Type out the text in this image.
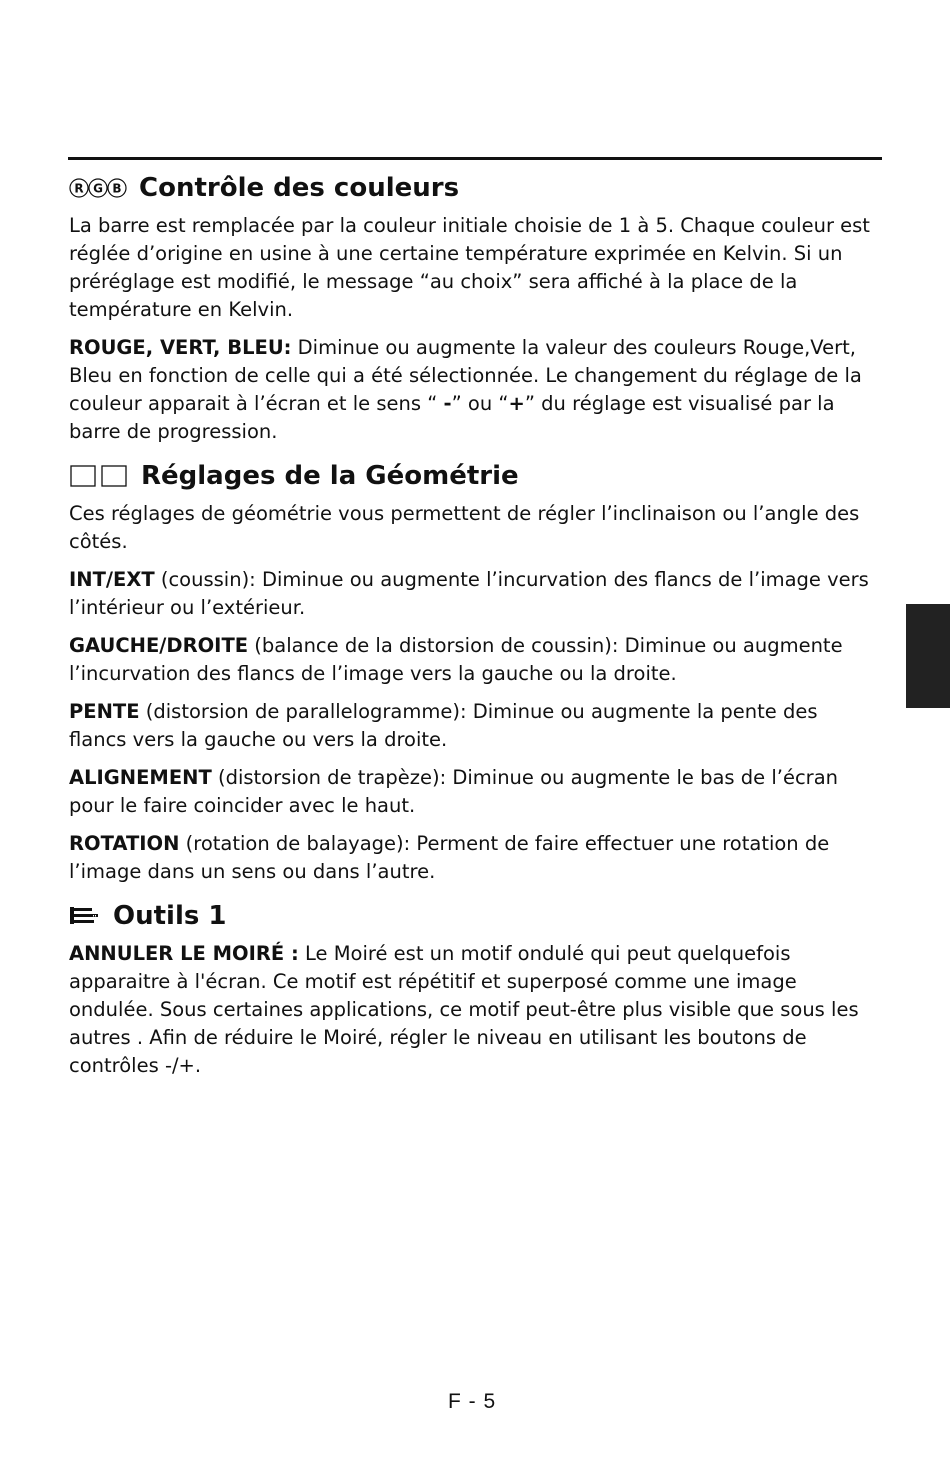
R G B Contrôle des couleurs

La barre est remplacée par la couleur initiale choisie de 1 à 5. Chaque couleur est réglée d’origine en usine à une certaine température exprimée en Kelvin. Si un préréglage est modifié, le message “au choix” sera affiché à la place de la température en Kelvin.

ROUGE, VERT, BLEU: Diminue ou augmente la valeur des couleurs Rouge,Vert, Bleu en fonction de celle qui a été sélectionnée. Le changement du réglage de la couleur apparait à l’écran et le sens “ -” ou “+” du réglage est visualisé par la barre de progression.

Réglages de la Géométrie

Ces réglages de géométrie vous permettent de régler l’inclinaison ou l’angle des côtés.

INT/EXT (coussin): Diminue ou augmente l’incurvation des flancs de l’image vers l’intérieur ou l’extérieur.

GAUCHE/DROITE (balance de la distorsion de coussin): Diminue ou augmente l’incurvation des flancs de l’image vers la gauche ou la droite.

PENTE (distorsion de parallelogramme): Diminue ou augmente la pente des flancs vers la gauche ou vers la droite.

ALIGNEMENT (distorsion de trapèze): Diminue ou augmente le bas de l’écran pour le faire coincider avec le haut.

ROTATION (rotation de balayage): Perment de faire effectuer une rotation de l’image dans un sens ou dans l’autre.

Outils 1

ANNULER LE MOIRÉ : Le Moiré est un motif ondulé qui peut quelquefois apparaitre à l'écran. Ce motif est répétitif et superposé comme une image ondulée. Sous certaines applications, ce motif peut-être plus visible que sous les autres . Afin de réduire le Moiré, régler le niveau en utilisant les boutons de contrôles -/+.

F - 5
